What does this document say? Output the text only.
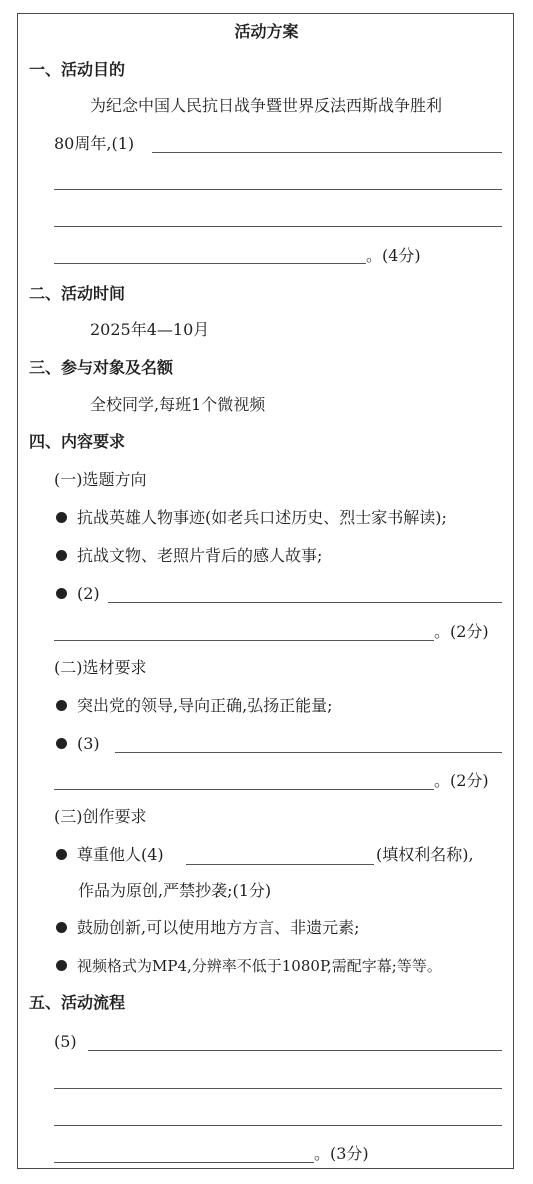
活动方案
一、活动目的
为纪念中国人民抗日战争暨世界反法西斯战争胜利
80周年,(1)
。(4分)
二、活动时间
2025年4—10月
三、参与对象及名额
全校同学,每班1个微视频
四、内容要求
(一)选题方向
抗战英雄人物事迹(如老兵口述历史、烈士家书解读);
抗战文物、老照片背后的感人故事;
(2)
。(2分)
(二)选材要求
突出党的领导,导向正确,弘扬正能量;
(3)
。(2分)
(三)创作要求
尊重他人(4)	(填权利名称),
作品为原创,严禁抄袭;(1分)
鼓励创新,可以使用地方方言、非遗元素;
视频格式为MP4,分辨率不低于1080P,需配字幕;等等。
五、活动流程
(5)
。(3分)
